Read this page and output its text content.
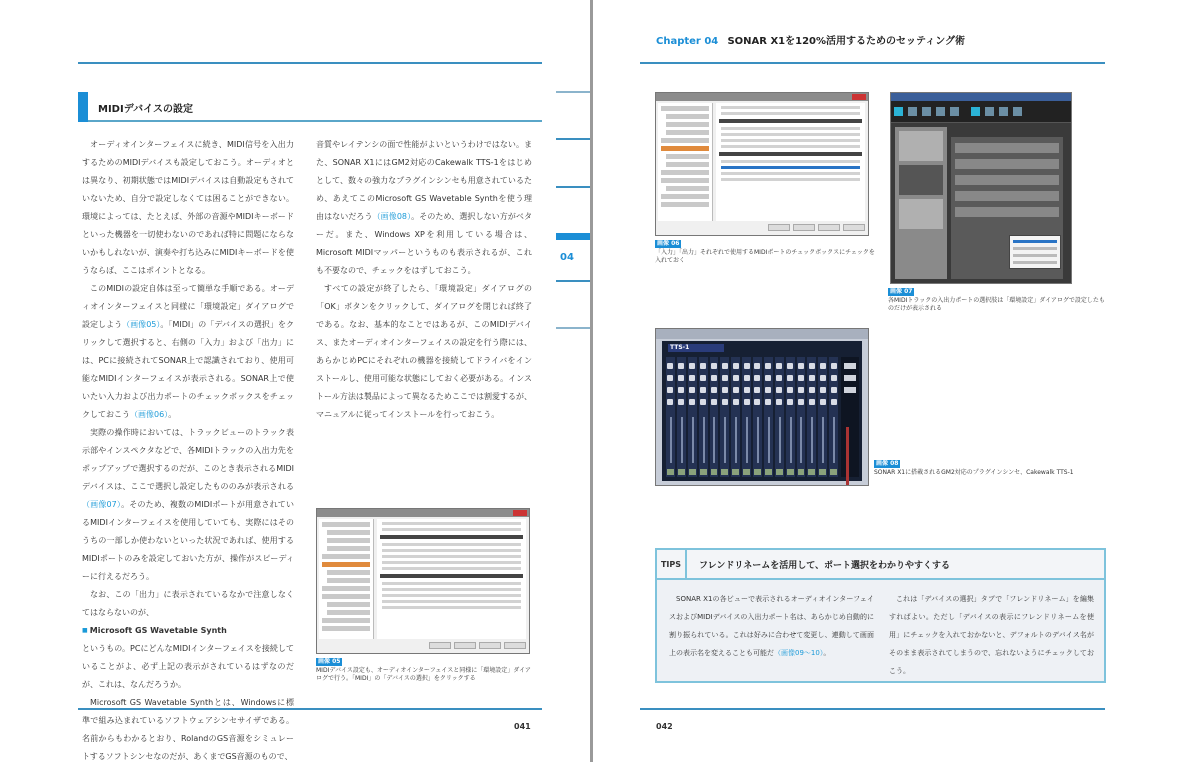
MIDIデバイスの設定

オーディオインターフェイスに続き、MIDI信号を入出力するためのMIDIデバイスも設定しておこう。オーディオとは異なり、初期状態ではMIDIデバイスは自動設定もされていないため、自分で設定しなくては困ることができない。環境によっては、たとえば、外部の音源やMIDIキーボードといった機器を一切使わないのであれば特に問題にならないかもしれないが、演奏や打ち込みにMIDIキーボードを使うならば、ここはポイントとなる。

このMIDIの設定自体は至って簡単な手順である。オーディオインターフェイスと同様に「環境設定」ダイアログで設定しよう（画像05）。「MIDI」の「デバイスの選択」をクリックして選択すると、右側の「入力」および「出力」には、PCに接続されてSONAR上で認識されており、使用可能なMIDIインターフェイスが表示される。SONAR上で使いたい入力および出力ポートのチェックボックスをチェックしておこう（画像06）。

実際の操作時においては、トラックビューのトラック表示部やインスペクタなどで、各MIDIトラックの入出力先をポップアップで選択するのだが、このとき表示されるMIDIデバイスは、ここで選択し設定したもののみが表示される（画像07）。そのため、複数のMIDIポートが用意されているMIDIインターフェイスを使用していても、実際にはそのうちの一部しか使わないといった状況であれば、使用するMIDIポートのみを設定しておいた方が、操作がスピーディーに行えるだろう。

なお、この「出力」に表示されているなかで注意しなくてはならないのが、

■ Microsoft GS Wavetable Synth

というもの。PCにどんなMIDIインターフェイスを接続していることがよ、必ず上記の表示がされているはずなのだが、これは、なんだろうか。

Microsoft GS Wavetable Synthとは、Windowsに標準で組み込まれているソフトウェアシンセサイザである。名前からもわかるとおり、RolandのGS音源をシミュレートするソフトシンセなのだが、あくまでGS音源のもので、

音質やレイテンシの面で性能がよいというわけではない。また、SONAR X1にはGM2対応のCakewalk TTS-1をはじめとして、数々の強力なプラグインシンセも用意されているため、あえてこのMicrosoft GS Wavetable Synthを使う理由はないだろう（画像08）。そのため、選択しない方がベターだ。また、Windows XPを利用している場合は、Microsoft MIDIマッパーというものも表示されるが、これも不要なので、チェックをはずしておこう。

すべての設定が終了したら、「環境設定」ダイアログの「OK」ボタンをクリックして、ダイアログを閉じれば終了である。なお、基本的なことではあるが、このMIDIデバイス、またオーディオインターフェイスの設定を行う際には、あらかじめPCにそれぞれの機器を接続してドライバをインストールし、使用可能な状態にしておく必要がある。インストール方法は製品によって異なるためここでは割愛するが、マニュアルに従ってインストールを行っておこう。

画像 05
MIDIデバイス設定も、オーディオインターフェイスと同様に「環境設定」ダイアログで行う。「MIDI」の「デバイスの選択」をクリックする
04
041
Chapter 04 SONAR X1を120%活用するためのセッティング術
画像 06
「入力」「出力」それぞれで使用するMIDIポートのチェックボックスにチェックを入れておく
画像 07
各MIDIトラックの入出力ポートの選択肢は「環境設定」ダイアログで設定したものだけが表示される
TTS-1
画像 08
SONAR X1に搭載されるGM2対応のプラグインシンセ、Cakewalk TTS-1
TIPS	フレンドリネームを活用して、ポート選択をわかりやすくする

SONAR X1の各ビューで表示されるオーディオインターフェイスおよびMIDIデバイスの入出力ポート名は、あらかじめ自動的に割り振られている。これは好みに合わせて変更し、連動して画面上の表示名を変えることも可能だ（画像09～10）。

これは「デバイスの選択」タブで「フレンドリネーム」を編集すればよい。ただし「デバイスの表示にフレンドリネームを使用」にチェックを入れておかないと、デフォルトのデバイス名がそのまま表示されてしまうので、忘れないようにチェックしておこう。

042
